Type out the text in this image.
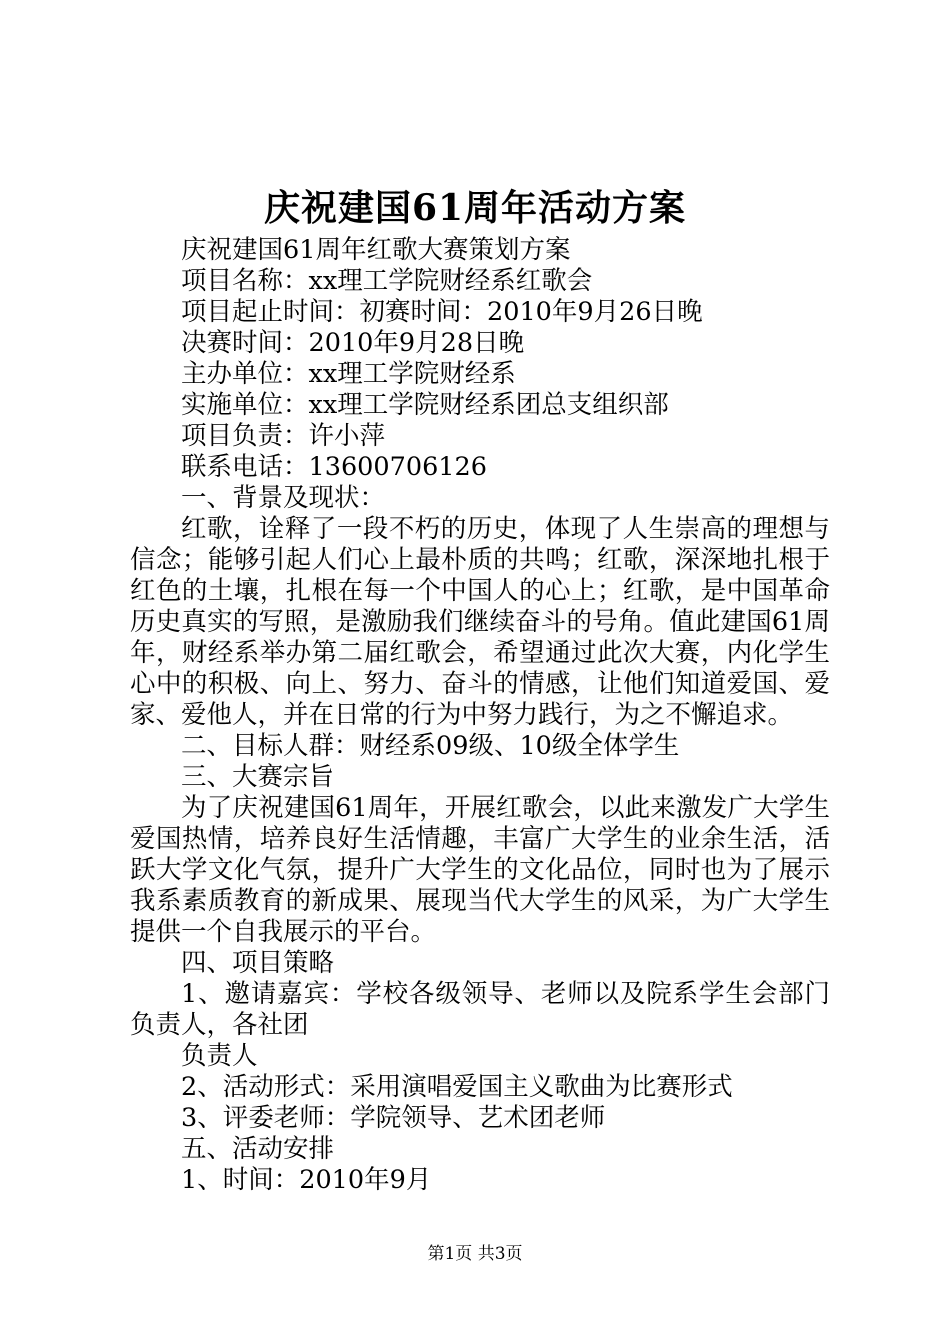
庆祝建国61周年活动方案

庆祝建国61周年红歌大赛策划方案

项目名称：xx理工学院财经系红歌会

项目起止时间：初赛时间：2010年9月26日晚

决赛时间：2010年9月28日晚

主办单位：xx理工学院财经系

实施单位：xx理工学院财经系团总支组织部

项目负责：许小萍

联系电话：13600706126

一、背景及现状：

红歌，诠释了一段不朽的历史，体现了人生崇高的理想与信念；能够引起人们心上最朴质的共鸣；红歌，深深地扎根于红色的土壤，扎根在每一个中国人的心上；红歌，是中国革命历史真实的写照，是激励我们继续奋斗的号角。值此建国61周年，财经系举办第二届红歌会，希望通过此次大赛，内化学生心中的积极、向上、努力、奋斗的情感，让他们知道爱国、爱家、爱他人，并在日常的行为中努力践行，为之不懈追求。

二、目标人群：财经系09级、10级全体学生

三、大赛宗旨

为了庆祝建国61周年，开展红歌会，以此来激发广大学生爱国热情，培养良好生活情趣，丰富广大学生的业余生活，活跃大学文化气氛，提升广大学生的文化品位，同时也为了展示我系素质教育的新成果、展现当代大学生的风采，为广大学生提供一个自我展示的平台。

四、项目策略

1、邀请嘉宾：学校各级领导、老师以及院系学生会部门负责人，各社团

负责人

2、活动形式：采用演唱爱国主义歌曲为比赛形式

3、评委老师：学院领导、艺术团老师

五、活动安排

1、时间：2010年9月

第1页 共3页
